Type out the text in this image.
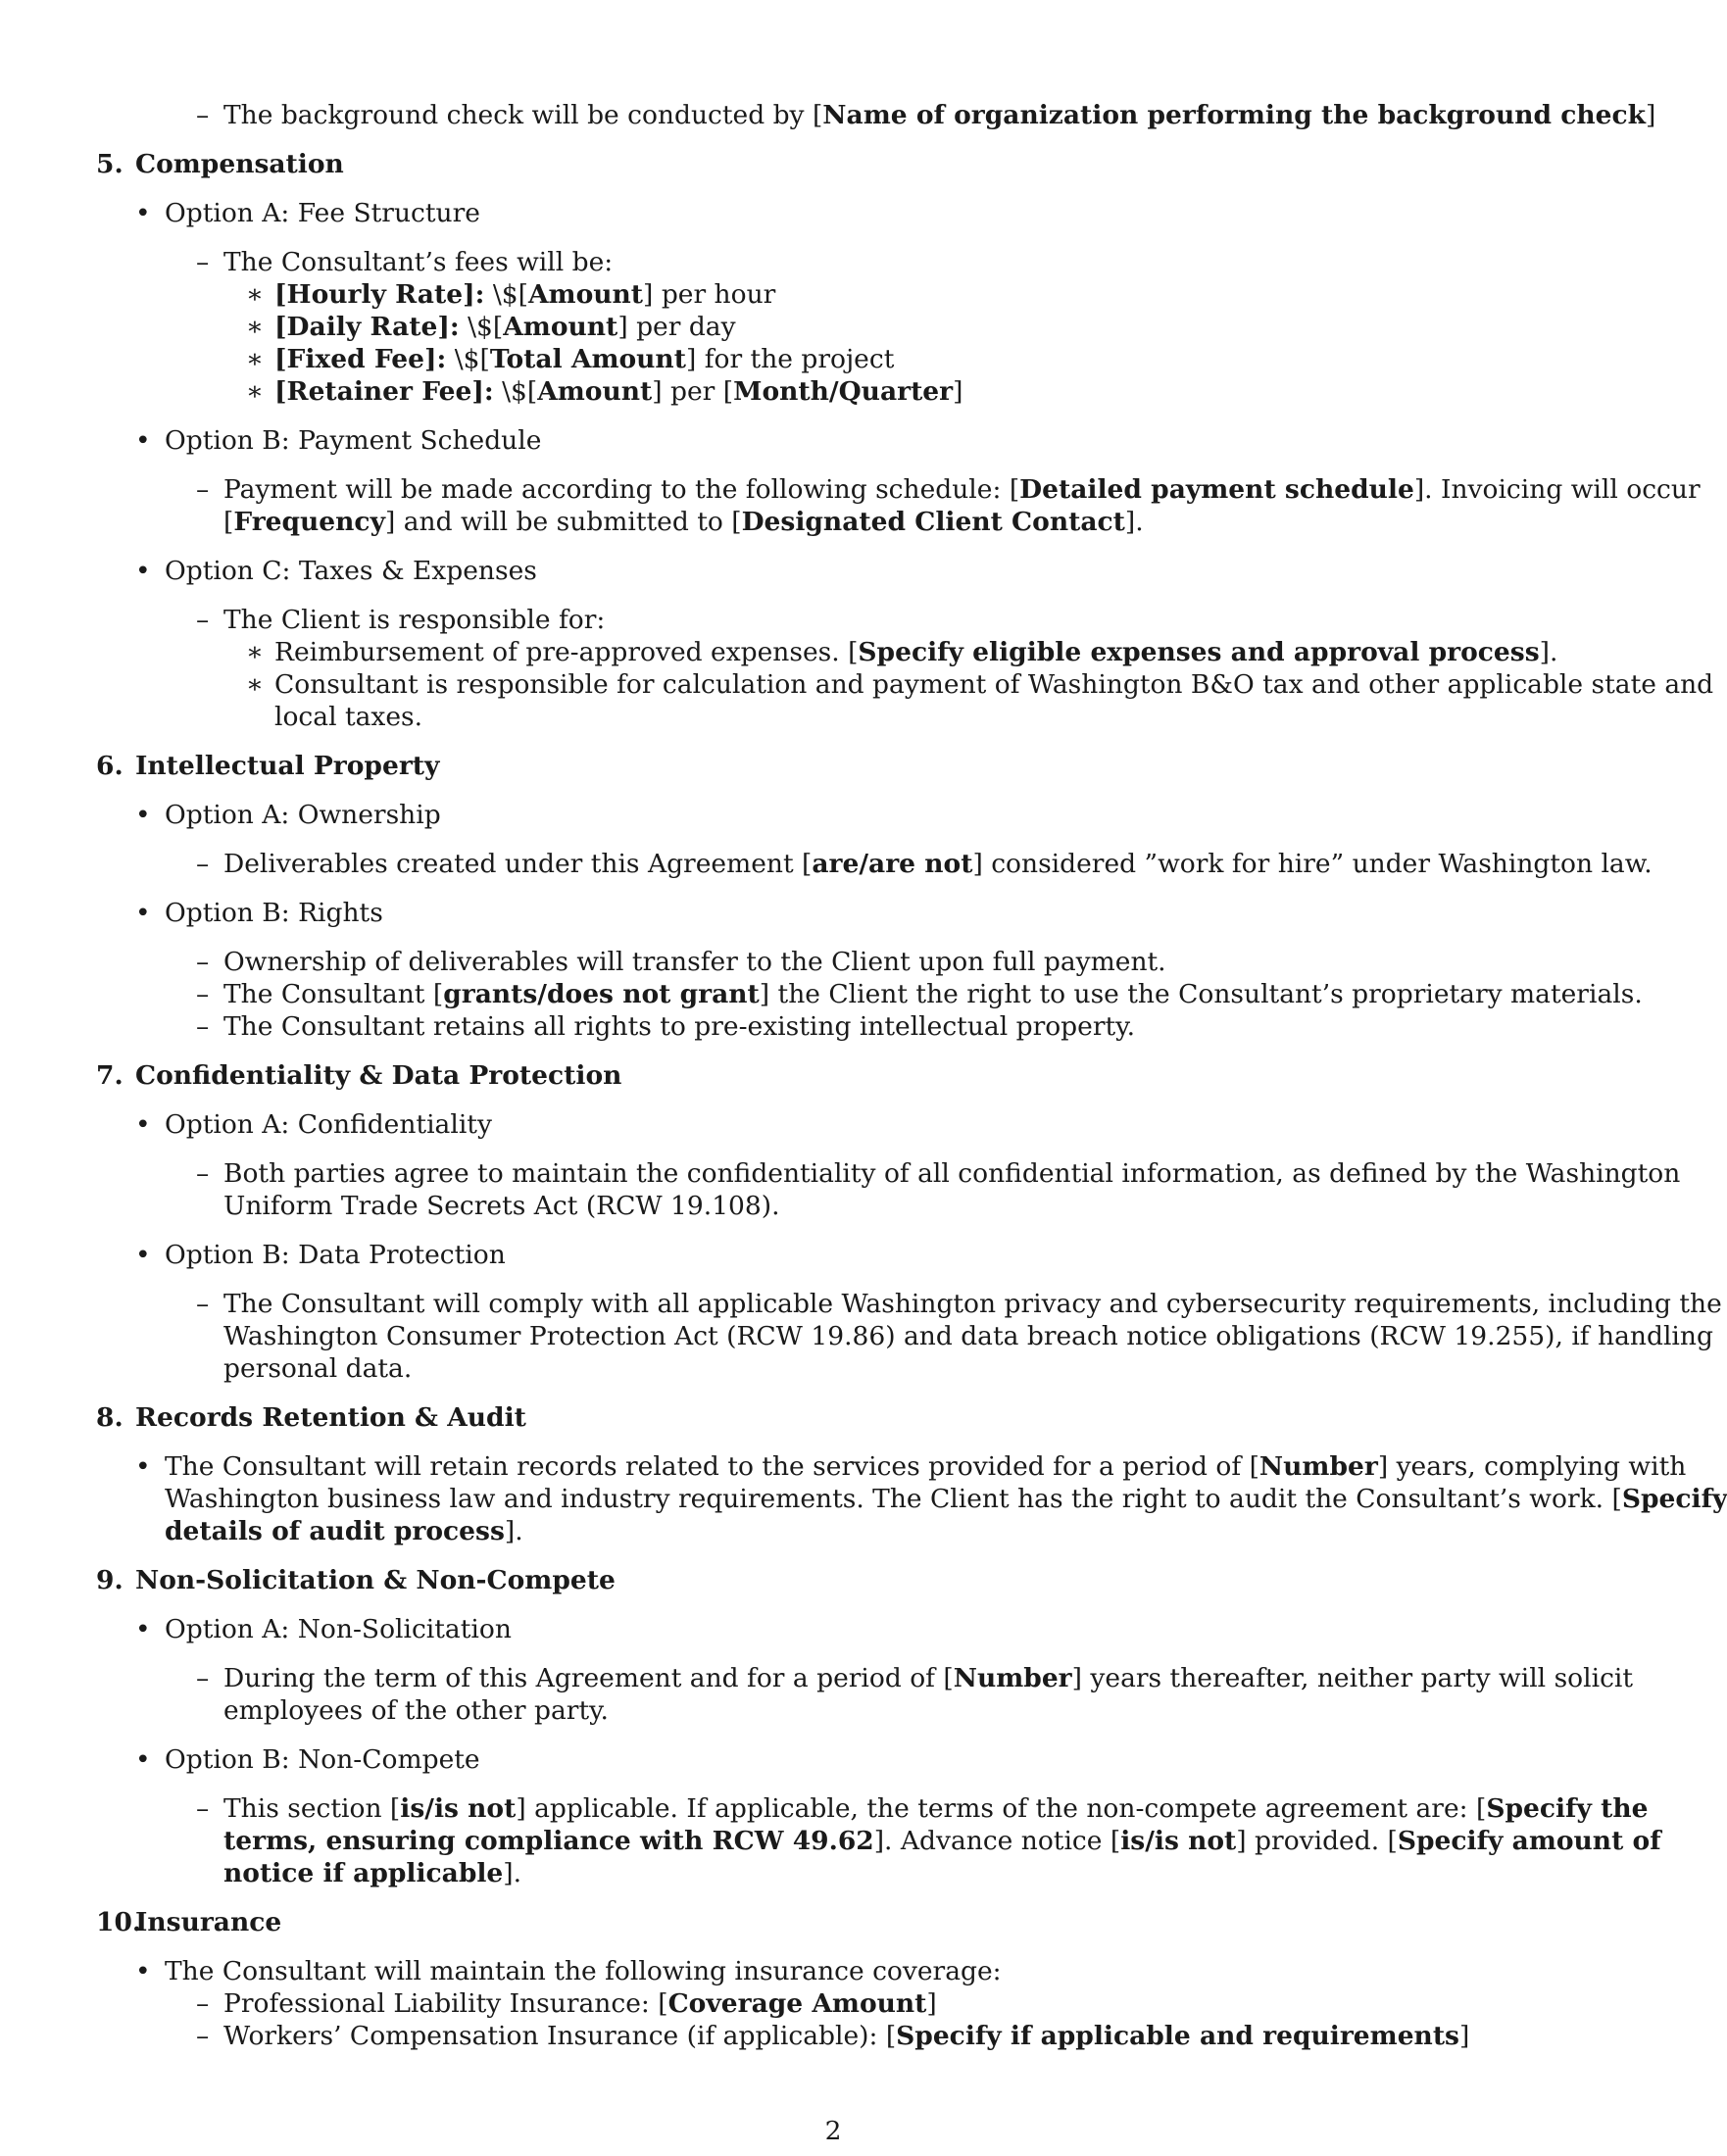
– The background check will be conducted by [Name of organization performing the background check]
5. Compensation
• Option A: Fee Structure
– The Consultant’s fees will be:
∗ [Hourly Rate]: \$[Amount] per hour
∗ [Daily Rate]: \$[Amount] per day
∗ [Fixed Fee]: \$[Total Amount] for the project
∗ [Retainer Fee]: \$[Amount] per [Month/Quarter]
• Option B: Payment Schedule
– Payment will be made according to the following schedule: [Detailed payment schedule]. Invoicing will occur
[Frequency] and will be submitted to [Designated Client Contact].
• Option C: Taxes & Expenses
– The Client is responsible for:
∗ Reimbursement of pre-approved expenses. [Specify eligible expenses and approval process].
∗ Consultant is responsible for calculation and payment of Washington B&O tax and other applicable state and
local taxes.
6. Intellectual Property
• Option A: Ownership
– Deliverables created under this Agreement [are/are not] considered ”work for hire” under Washington law.
• Option B: Rights
– Ownership of deliverables will transfer to the Client upon full payment.
– The Consultant [grants/does not grant] the Client the right to use the Consultant’s proprietary materials.
– The Consultant retains all rights to pre-existing intellectual property.
7. Confidentiality & Data Protection
• Option A: Confidentiality
– Both parties agree to maintain the confidentiality of all confidential information, as defined by the Washington
Uniform Trade Secrets Act (RCW 19.108).
• Option B: Data Protection
– The Consultant will comply with all applicable Washington privacy and cybersecurity requirements, including the
Washington Consumer Protection Act (RCW 19.86) and data breach notice obligations (RCW 19.255), if handling
personal data.
8. Records Retention & Audit
• The Consultant will retain records related to the services provided for a period of [Number] years, complying with
Washington business law and industry requirements. The Client has the right to audit the Consultant’s work. [Specify
details of audit process].
9. Non-Solicitation & Non-Compete
• Option A: Non-Solicitation
– During the term of this Agreement and for a period of [Number] years thereafter, neither party will solicit
employees of the other party.
• Option B: Non-Compete
– This section [is/is not] applicable. If applicable, the terms of the non-compete agreement are: [Specify the
terms, ensuring compliance with RCW 49.62]. Advance notice [is/is not] provided. [Specify amount of
notice if applicable].
10.Insurance
• The Consultant will maintain the following insurance coverage:
– Professional Liability Insurance: [Coverage Amount]
– Workers’ Compensation Insurance (if applicable): [Specify if applicable and requirements]
2
